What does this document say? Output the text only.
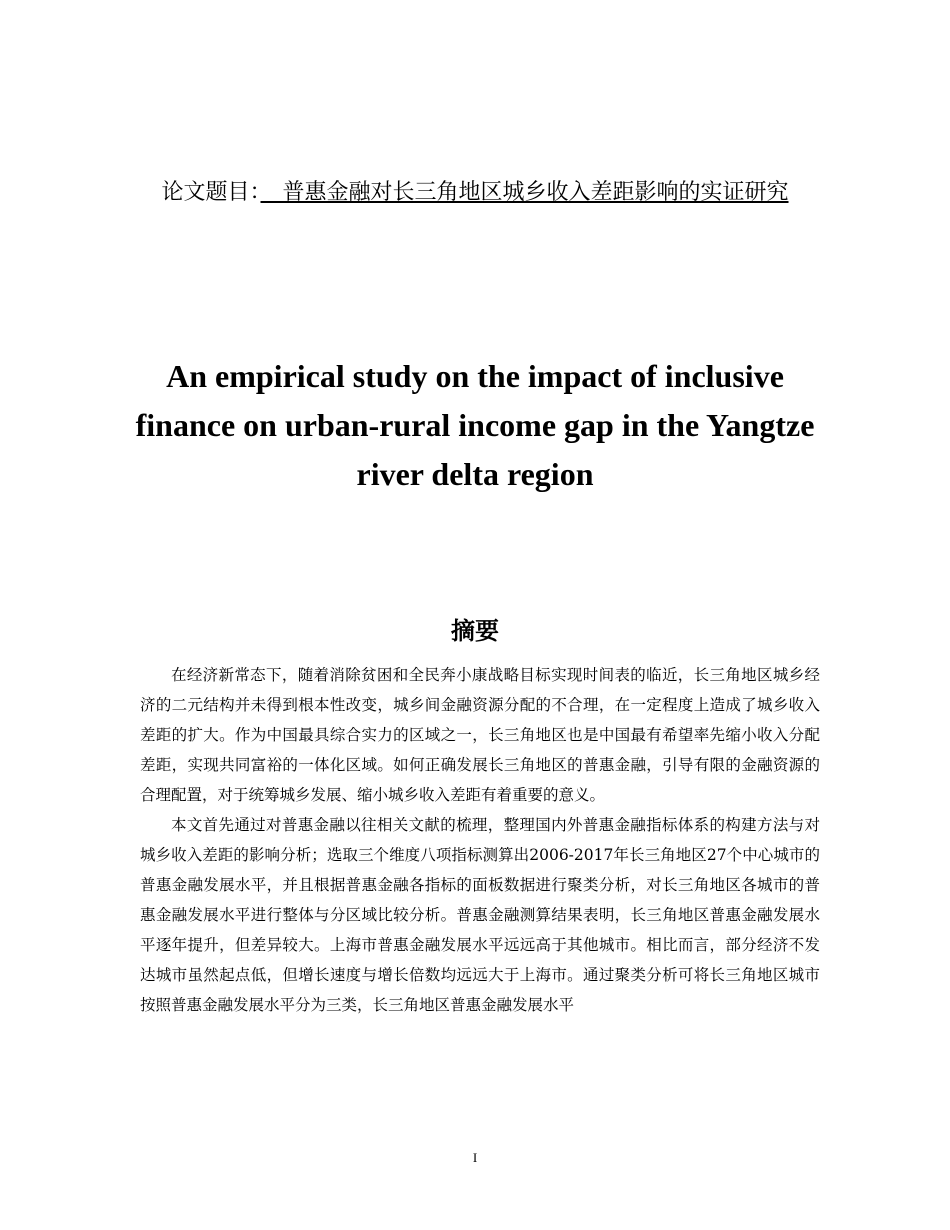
论文题目：　普惠金融对长三角地区城乡收入差距影响的实证研究
An empirical study on the impact of inclusive finance on urban-rural income gap in the Yangtze river delta region
摘要

在经济新常态下，随着消除贫困和全民奔小康战略目标实现时间表的临近，长三角地区城乡经济的二元结构并未得到根本性改变，城乡间金融资源分配的不合理，在一定程度上造成了城乡收入差距的扩大。作为中国最具综合实力的区域之一，长三角地区也是中国最有希望率先缩小收入分配差距，实现共同富裕的一体化区域。如何正确发展长三角地区的普惠金融，引导有限的金融资源的合理配置，对于统筹城乡发展、缩小城乡收入差距有着重要的意义。

本文首先通过对普惠金融以往相关文献的梳理，整理国内外普惠金融指标体系的构建方法与对城乡收入差距的影响分析；选取三个维度八项指标测算出2006-2017年长三角地区27个中心城市的普惠金融发展水平，并且根据普惠金融各指标的面板数据进行聚类分析，对长三角地区各城市的普惠金融发展水平进行整体与分区域比较分析。普惠金融测算结果表明，长三角地区普惠金融发展水平逐年提升，但差异较大。上海市普惠金融发展水平远远高于其他城市。相比而言，部分经济不发达城市虽然起点低，但增长速度与增长倍数均远远大于上海市。通过聚类分析可将长三角地区城市按照普惠金融发展水平分为三类，长三角地区普惠金融发展水平

I
